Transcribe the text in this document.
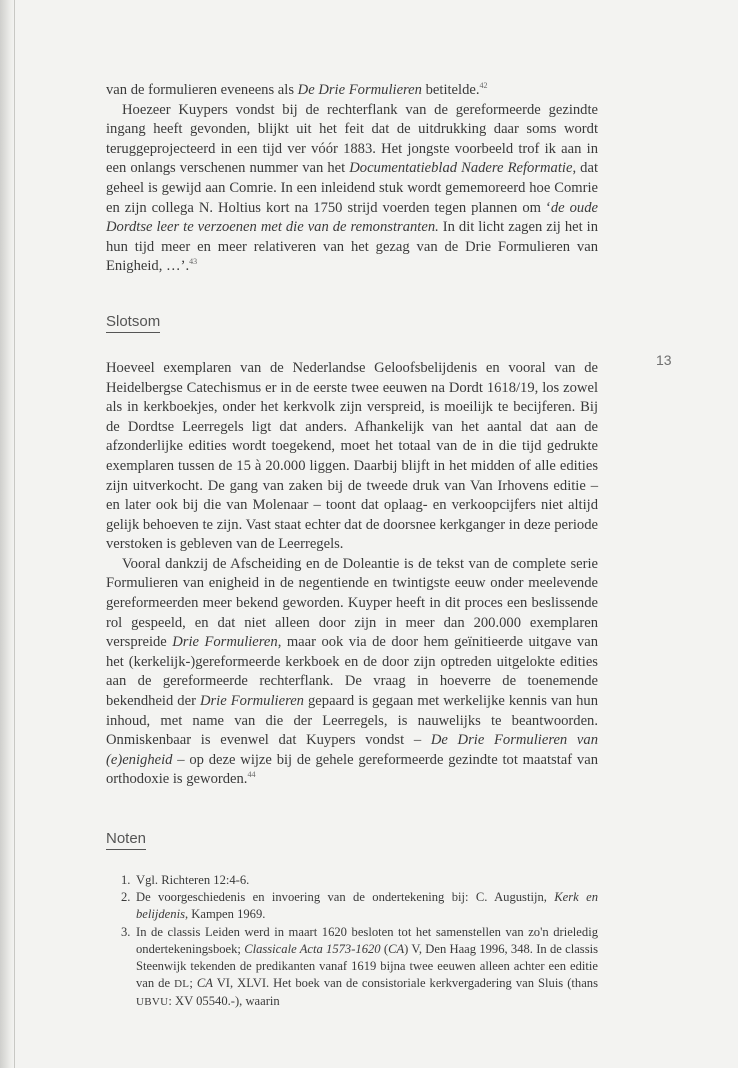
13

van de formulieren eveneens als De Drie Formulieren betitelde.$^{42}$

Hoezeer Kuypers vondst bij de rechterflank van de gereformeerde gezindte ingang heeft gevonden, blijkt uit het feit dat de uitdrukking daar soms wordt teruggeprojecteerd in een tijd ver vóór 1883. Het jongste voorbeeld trof ik aan in een onlangs verschenen nummer van het Documentatieblad Nadere Reformatie, dat geheel is gewijd aan Comrie. In een inleidend stuk wordt gememoreerd hoe Comrie en zijn collega N. Holtius kort na 1750 strijd voerden tegen plannen om ‘de oude Dordtse leer te verzoenen met die van de remonstranten. In dit licht zagen zij het in hun tijd meer en meer relativeren van het gezag van de Drie Formulieren van Enigheid, …’.$^{43}$

Slotsom

Hoeveel exemplaren van de Nederlandse Geloofsbelijdenis en vooral van de Heidelbergse Catechismus er in de eerste twee eeuwen na Dordt 1618/19, los zowel als in kerkboekjes, onder het kerkvolk zijn verspreid, is moeilijk te becijferen. Bij de Dordtse Leerregels ligt dat anders. Afhankelijk van het aantal dat aan de afzonderlijke edities wordt toegekend, moet het totaal van de in die tijd gedrukte exemplaren tussen de 15 à 20.000 liggen. Daarbij blijft in het midden of alle edities zijn uitverkocht. De gang van zaken bij de tweede druk van Van Irhovens editie – en later ook bij die van Molenaar – toont dat oplaag- en verkoopcijfers niet altijd gelijk behoeven te zijn. Vast staat echter dat de doorsnee kerkganger in deze periode verstoken is gebleven van de Leerregels.

Vooral dankzij de Afscheiding en de Doleantie is de tekst van de complete serie Formulieren van enigheid in de negentiende en twintigste eeuw onder meelevende gereformeerden meer bekend geworden. Kuyper heeft in dit proces een beslissende rol gespeeld, en dat niet alleen door zijn in meer dan 200.000 exemplaren verspreide Drie Formulieren, maar ook via de door hem geïnitieerde uitgave van het (kerkelijk-)gereformeerde kerkboek en de door zijn optreden uitgelokte edities aan de gereformeerde rechterflank. De vraag in hoeverre de toenemende bekendheid der Drie Formulieren gepaard is gegaan met werkelijke kennis van hun inhoud, met name van die der Leerregels, is nauwelijks te beantwoorden. Onmiskenbaar is evenwel dat Kuypers vondst – De Drie Formulieren van (e)enigheid – op deze wijze bij de gehele gereformeerde gezindte tot maatstaf van orthodoxie is geworden.$^{44}$

Noten
1. Vgl. Richteren 12:4-6.
2. De voorgeschiedenis en invoering van de ondertekening bij: C. Augustijn, Kerk en belijdenis, Kampen 1969.
3. In de classis Leiden werd in maart 1620 besloten tot het samenstellen van zo'n drieledig ondertekeningsboek; Classicale Acta 1573-1620 (CA) V, Den Haag 1996, 348. In de classis Steenwijk tekenden de predikanten vanaf 1619 bijna twee eeuwen alleen achter een editie van de DL; CA VI, XLVI. Het boek van de consistoriale kerkvergadering van Sluis (thans UBVU: XV 05540.-), waarin
